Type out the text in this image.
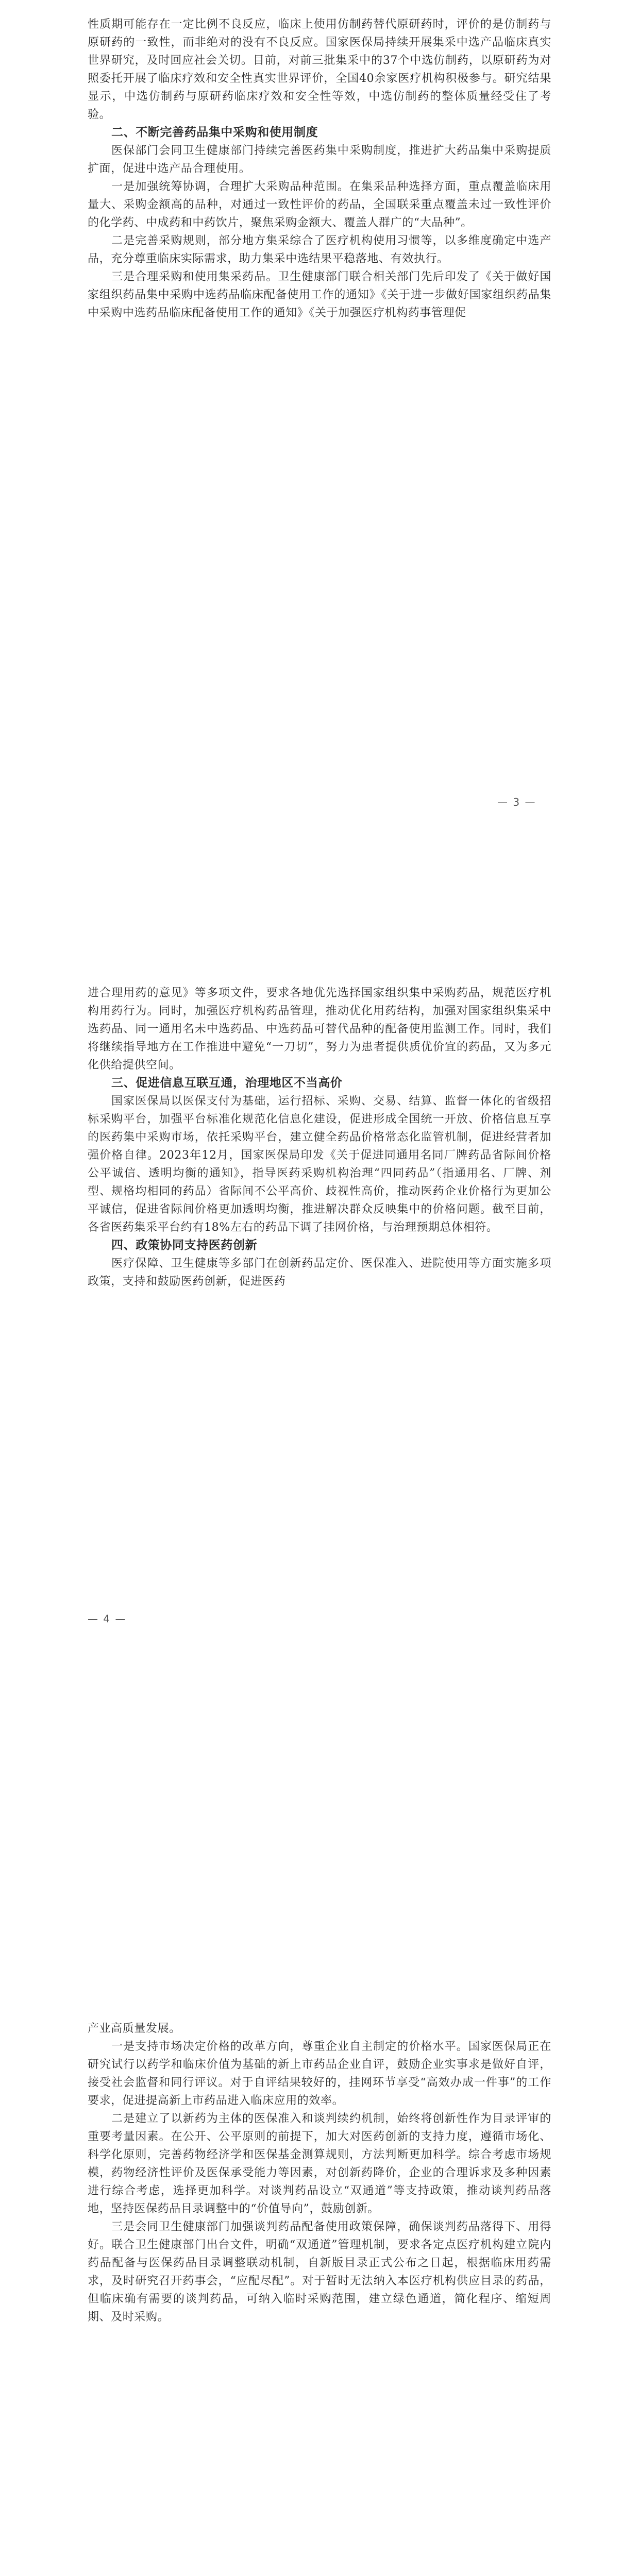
性质期可能存在一定比例不良反应，临床上使用仿制药替代原研药时，评价的是仿制药与原研药的一致性，而非绝对的没有不良反应。国家医保局持续开展集采中选产品临床真实世界研究，及时回应社会关切。目前，对前三批集采中的37个中选仿制药，以原研药为对照委托开展了临床疗效和安全性真实世界评价，全国40余家医疗机构积极参与。研究结果显示，中选仿制药与原研药临床疗效和安全性等效，中选仿制药的整体质量经受住了考验。

二、不断完善药品集中采购和使用制度

医保部门会同卫生健康部门持续完善医药集中采购制度，推进扩大药品集中采购提质扩面，促进中选产品合理使用。

一是加强统筹协调，合理扩大采购品种范围。在集采品种选择方面，重点覆盖临床用量大、采购金额高的品种，对通过一致性评价的药品，全国联采重点覆盖未过一致性评价的化学药、中成药和中药饮片，聚焦采购金额大、覆盖人群广的“大品种”。

二是完善采购规则，部分地方集采综合了医疗机构使用习惯等，以多维度确定中选产品，充分尊重临床实际需求，助力集采中选结果平稳落地、有效执行。

三是合理采购和使用集采药品。卫生健康部门联合相关部门先后印发了《关于做好国家组织药品集中采购中选药品临床配备使用工作的通知》《关于进一步做好国家组织药品集中采购中选药品临床配备使用工作的通知》《关于加强医疗机构药事管理促

— 3 —

进合理用药的意见》等多项文件，要求各地优先选择国家组织集中采购药品，规范医疗机构用药行为。同时，加强医疗机构药品管理，推动优化用药结构，加强对国家组织集采中选药品、同一通用名未中选药品、中选药品可替代品种的配备使用监测工作。同时，我们将继续指导地方在工作推进中避免“一刀切”，努力为患者提供质优价宜的药品，又为多元化供给提供空间。

三、促进信息互联互通，治理地区不当高价

国家医保局以医保支付为基础，运行招标、采购、交易、结算、监督一体化的省级招标采购平台，加强平台标准化规范化信息化建设，促进形成全国统一开放、价格信息互享的医药集中采购市场，依托采购平台，建立健全药品价格常态化监管机制，促进经营者加强价格自律。2023年12月，国家医保局印发《关于促进同通用名同厂牌药品省际间价格公平诚信、透明均衡的通知》，指导医药采购机构治理“四同药品”（指通用名、厂牌、剂型、规格均相同的药品）省际间不公平高价、歧视性高价，推动医药企业价格行为更加公平诚信，促进省际间价格更加透明均衡，推进解决群众反映集中的价格问题。截至目前，各省医药集采平台约有18%左右的药品下调了挂网价格，与治理预期总体相符。

四、政策协同支持医药创新

医疗保障、卫生健康等多部门在创新药品定价、医保准入、进院使用等方面实施多项政策，支持和鼓励医药创新，促进医药

— 4 —

产业高质量发展。

一是支持市场决定价格的改革方向，尊重企业自主制定的价格水平。国家医保局正在研究试行以药学和临床价值为基础的新上市药品企业自评，鼓励企业实事求是做好自评，接受社会监督和同行评议。对于自评结果较好的，挂网环节享受“高效办成一件事”的工作要求，促进提高新上市药品进入临床应用的效率。

二是建立了以新药为主体的医保准入和谈判续约机制，始终将创新性作为目录评审的重要考量因素。在公开、公平原则的前提下，加大对医药创新的支持力度，遵循市场化、科学化原则，完善药物经济学和医保基金测算规则，方法判断更加科学。综合考虑市场规模，药物经济性评价及医保承受能力等因素，对创新药降价，企业的合理诉求及多种因素进行综合考虑，选择更加科学。对谈判药品设立“双通道”等支持政策，推动谈判药品落地，坚持医保药品目录调整中的“价值导向”，鼓励创新。

三是会同卫生健康部门加强谈判药品配备使用政策保障，确保谈判药品落得下、用得好。联合卫生健康部门出台文件，明确“双通道”管理机制，要求各定点医疗机构建立院内药品配备与医保药品目录调整联动机制，自新版目录正式公布之日起，根据临床用药需求，及时研究召开药事会，“应配尽配”。对于暂时无法纳入本医疗机构供应目录的药品，但临床确有需要的谈判药品，可纳入临时采购范围，建立绿色通道，简化程序、缩短周期、及时采购。
